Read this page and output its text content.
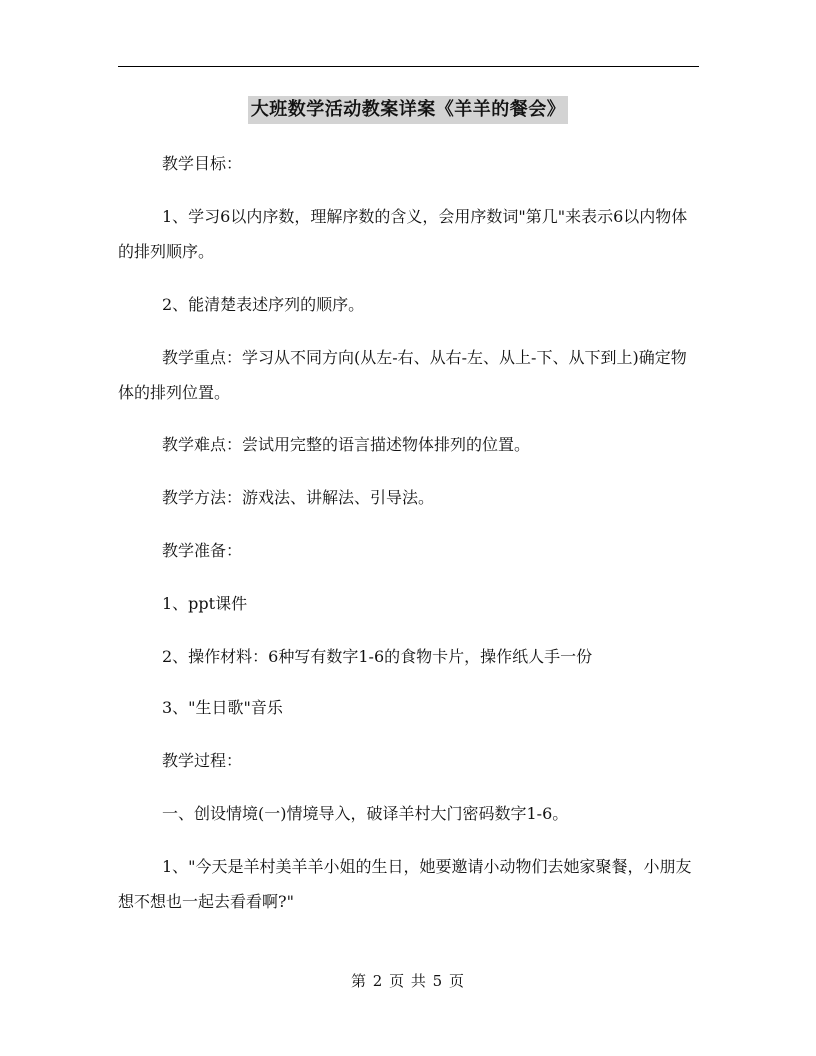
大班数学活动教案详案《羊羊的餐会》

教学目标：

1、学习6以内序数，理解序数的含义，会用序数词"第几"来表示6以内物体的排列顺序。

2、能清楚表述序列的顺序。

教学重点：学习从不同方向(从左-右、从右-左、从上-下、从下到上)确定物体的排列位置。

教学难点：尝试用完整的语言描述物体排列的位置。

教学方法：游戏法、讲解法、引导法。

教学准备：

1、ppt课件

2、操作材料：6种写有数字1-6的食物卡片，操作纸人手一份

3、"生日歌"音乐

教学过程：

一、创设情境(一)情境导入，破译羊村大门密码数字1-6。

1、"今天是羊村美羊羊小姐的生日，她要邀请小动物们去她家聚餐，小朋友想不想也一起去看看啊?"

第 2 页 共 5 页
